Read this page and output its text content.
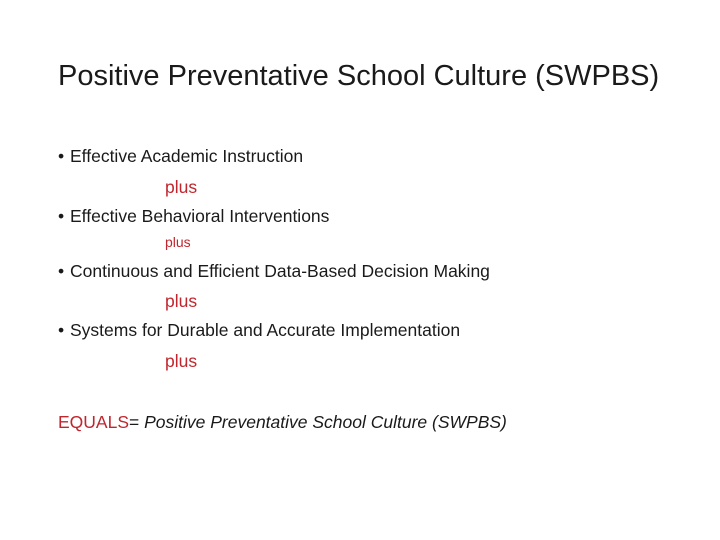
Positive Preventative School Culture (SWPBS)
• Effective Academic Instruction
plus
• Effective Behavioral Interventions
plus
• Continuous and Efficient Data-Based Decision Making
plus
• Systems for Durable and Accurate Implementation
plus
EQUALS= Positive Preventative School Culture (SWPBS)
